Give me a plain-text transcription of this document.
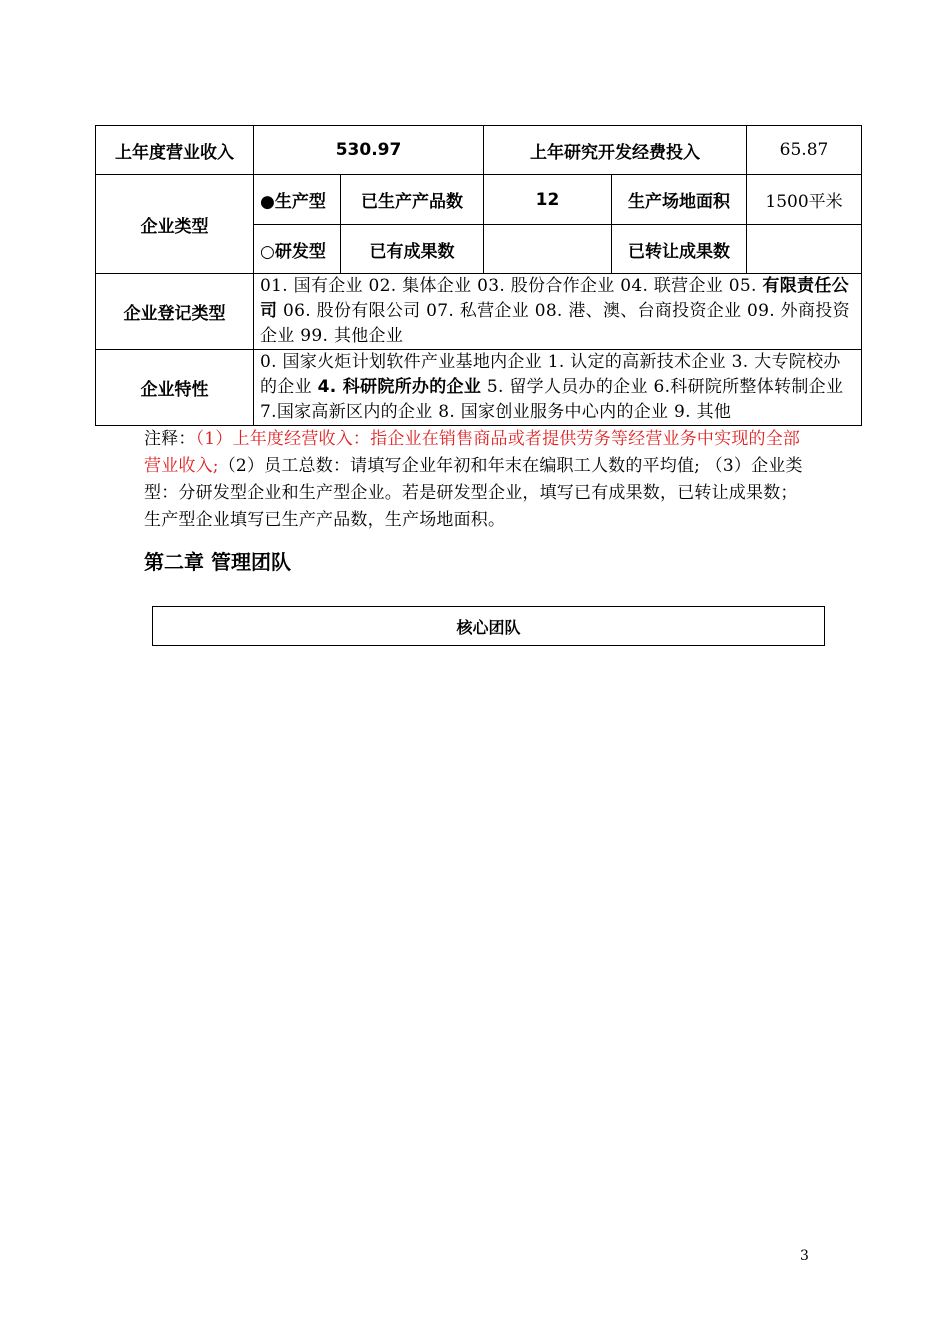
上年度营业收入	530.97		上年研究开发经费投入		65.87
企业类型	●生产型	已生产产品数	12	生产场地面积	1500平米
	○研发型	已有成果数		已转让成果数	
企业登记类型	01. 国有企业 02. 集体企业 03. 股份合作企业 04. 联营企业 05. 有限责任公司 06. 股份有限公司 07. 私营企业 08. 港、澳、台商投资企业 09. 外商投资企业 99. 其他企业				
企业特性	0. 国家火炬计划软件产业基地内企业 1. 认定的高新技术企业 3. 大专院校办的企业 4. 科研院所办的企业 5. 留学人员办的企业 6.科研院所整体转制企业 7.国家高新区内的企业 8. 国家创业服务中心内的企业 9. 其他				
注释：（1）上年度经营收入：指企业在销售商品或者提供劳务等经营业务中实现的全部营业收入;（2）员工总数：请填写企业年初和年末在编职工人数的平均值; （3）企业类型：分研发型企业和生产型企业。若是研发型企业，填写已有成果数，已转让成果数；生产型企业填写已生产产品数，生产场地面积。
第二章 管理团队
核心团队
3
